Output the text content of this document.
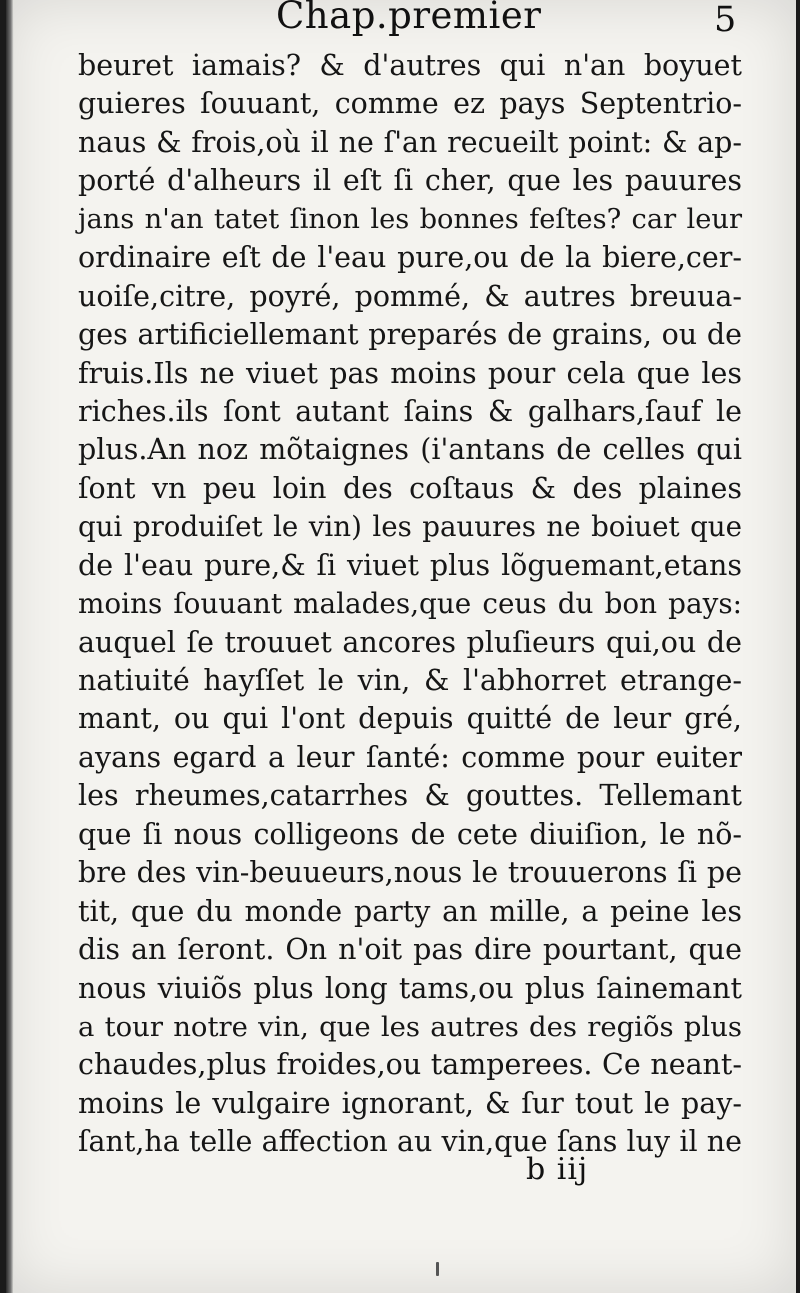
Chap.premier	5
beuret iamais? & d'autres qui n'an boyuet
guieres ſouuant, comme ez pays Septentrio-
naus & frois,où il ne ſ'an recueilt point: & ap-
porté d'alheurs il eſt ſi cher, que les pauures
jans n'an tatet ſinon les bonnes feſtes? car leur
ordinaire eſt de l'eau pure,ou de la biere,cer-
uoiſe,citre, poyré, pommé, & autres breuua-
ges artificiellemant preparés de grains, ou de
fruis.Ils ne viuet pas moins pour cela que les
riches.ils ſont autant ſains & galhars,ſauf le
plus.An noz mõtaignes (i'antans de celles qui
ſont vn peu loin des coſtaus & des plaines
qui produiſet le vin) les pauures ne boiuet que
de l'eau pure,& ſi viuet plus lõguemant,etans
moins ſouuant malades,que ceus du bon pays:
auquel ſe trouuet ancores pluſieurs qui,ou de
natiuité hayſſet le vin, & l'abhorret etrange-
mant, ou qui l'ont depuis quitté de leur gré,
ayans egard a leur ſanté: comme pour euiter
les rheumes,catarrhes & gouttes. Tellemant
que ſi nous colligeons de cete diuiſion, le nõ-
bre des vin-beuueurs,nous le trouuerons ſi pe
tit, que du monde party an mille, a peine les
dis an ſeront. On n'oit pas dire pourtant, que
nous viuiõs plus long tams,ou plus ſainemant
a tour notre vin, que les autres des regiõs plus
chaudes,plus froides,ou tamperees. Ce neant-
moins le vulgaire ignorant, & ſur tout le pay-
ſant,ha telle affection au vin,que ſans luy il ne
b iij
